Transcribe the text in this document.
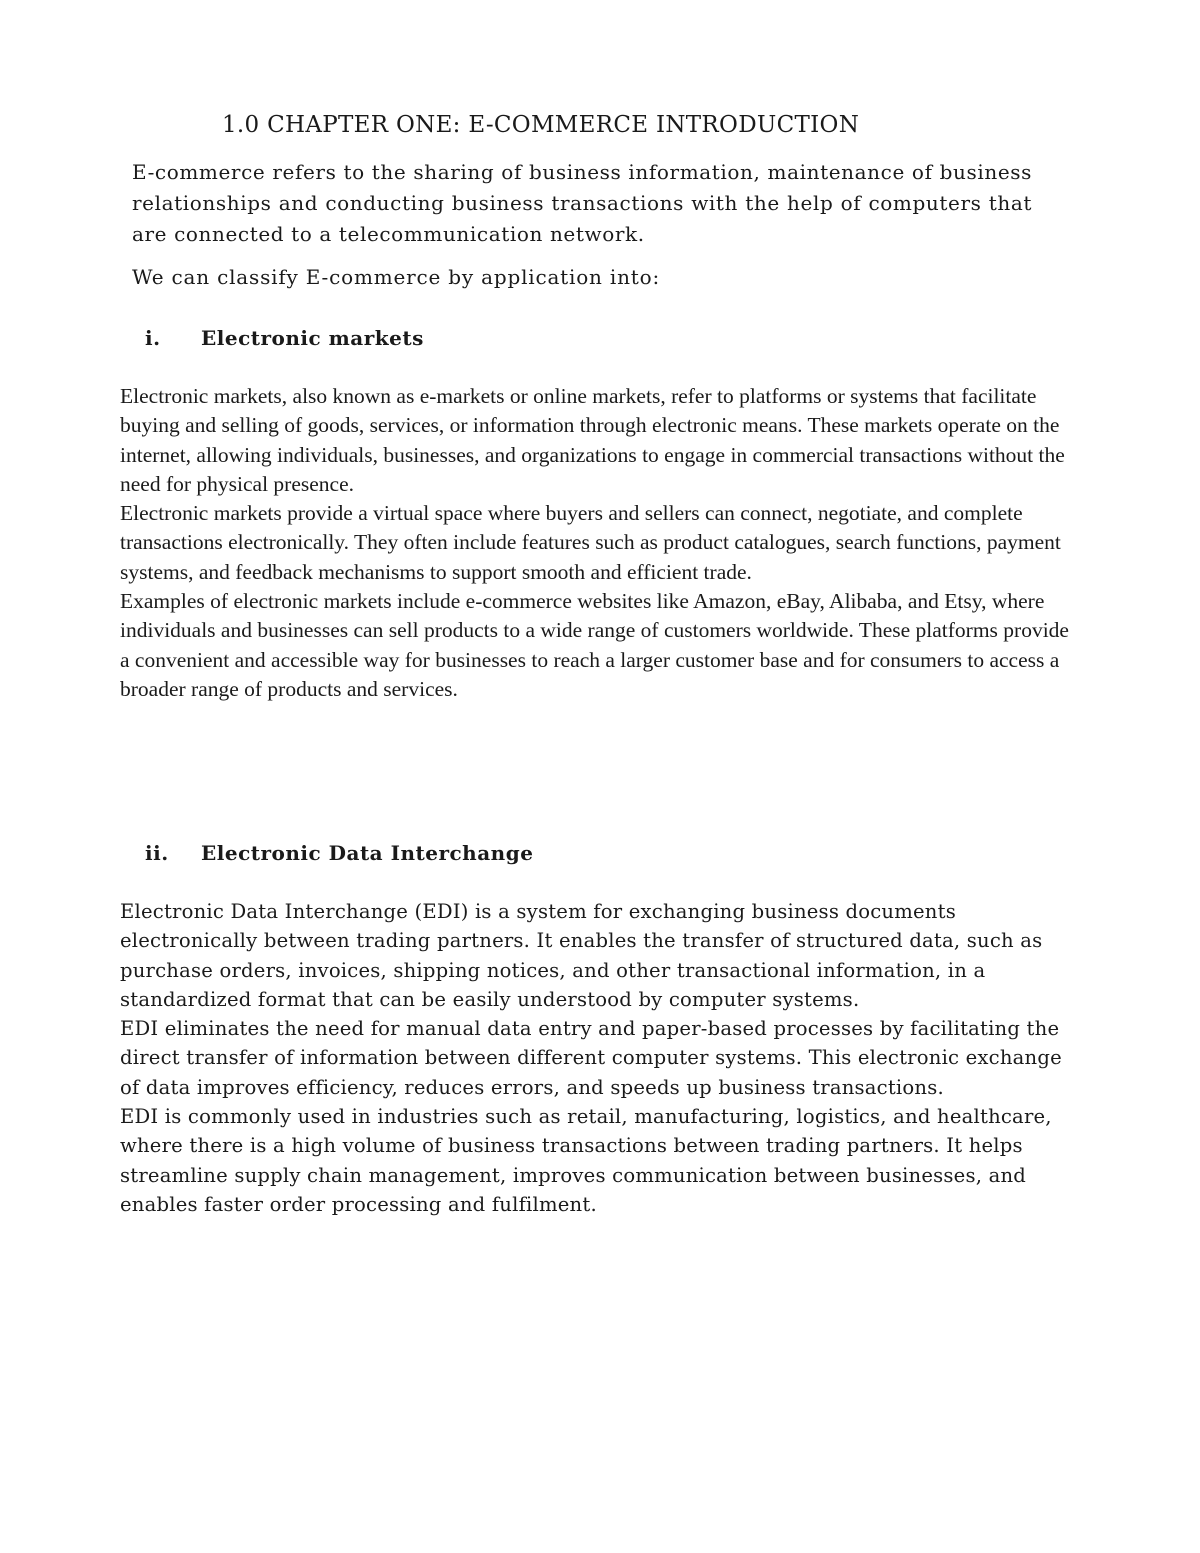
1.0 CHAPTER ONE: E-COMMERCE INTRODUCTION

E-commerce refers to the sharing of business information, maintenance of business relationships and conducting business transactions with the help of computers that are connected to a telecommunication network.

We can classify E-commerce by application into:

i. Electronic markets

Electronic markets, also known as e-markets or online markets, refer to platforms or systems that facilitate buying and selling of goods, services, or information through electronic means. These markets operate on the internet, allowing individuals, businesses, and organizations to engage in commercial transactions without the need for physical presence.

Electronic markets provide a virtual space where buyers and sellers can connect, negotiate, and complete transactions electronically. They often include features such as product catalogues, search functions, payment systems, and feedback mechanisms to support smooth and efficient trade.

Examples of electronic markets include e-commerce websites like Amazon, eBay, Alibaba, and Etsy, where individuals and businesses can sell products to a wide range of customers worldwide. These platforms provide a convenient and accessible way for businesses to reach a larger customer base and for consumers to access a broader range of products and services.

ii. Electronic Data Interchange

Electronic Data Interchange (EDI) is a system for exchanging business documents electronically between trading partners. It enables the transfer of structured data, such as purchase orders, invoices, shipping notices, and other transactional information, in a standardized format that can be easily understood by computer systems.

EDI eliminates the need for manual data entry and paper-based processes by facilitating the direct transfer of information between different computer systems. This electronic exchange of data improves efficiency, reduces errors, and speeds up business transactions.

EDI is commonly used in industries such as retail, manufacturing, logistics, and healthcare, where there is a high volume of business transactions between trading partners. It helps streamline supply chain management, improves communication between businesses, and enables faster order processing and fulfilment.
